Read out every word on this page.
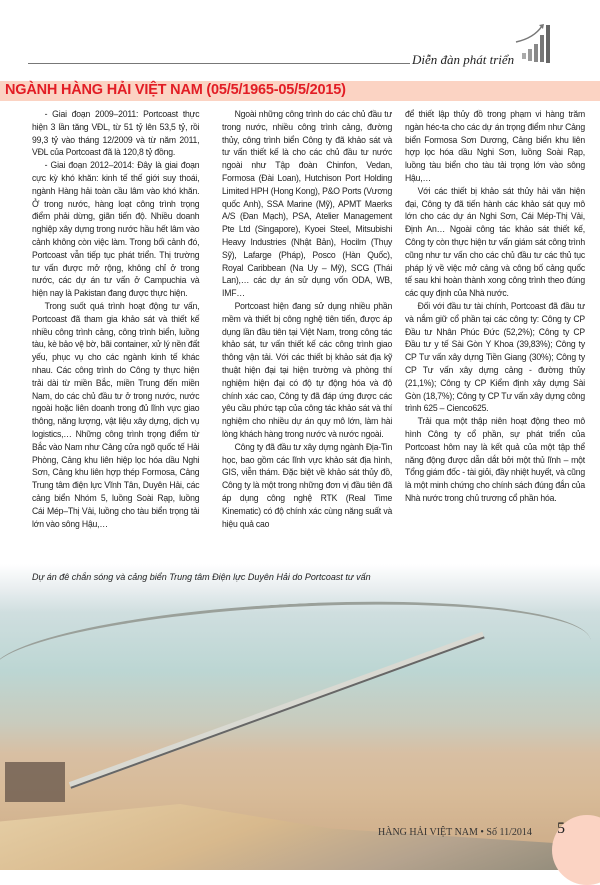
Diễn đàn phát triển
NGÀNH HÀNG HẢI VIỆT NAM (05/5/1965-05/5/2015)

- Giai đoạn 2009–2011: Portcoast thực hiện 3 lần tăng VĐL, từ 51 tỷ lên 53,5 tỷ, rồi 99,3 tỷ vào tháng 12/2009 và từ năm 2011, VĐL của Portcoast đã là 120,8 tỷ đồng.

- Giai đoạn 2012–2014: Đây là giai đoạn cực kỳ khó khăn: kinh tế thế giới suy thoái, ngành Hàng hải toàn cầu lâm vào khó khăn. Ở trong nước, hàng loạt công trình trọng điểm phải dừng, giãn tiến độ. Nhiều doanh nghiệp xây dựng trong nước hầu hết lâm vào cảnh không còn việc làm. Trong bối cảnh đó, Portcoast vẫn tiếp tục phát triển. Thị trường tư vấn được mở rộng, không chỉ ở trong nước, các dự án tư vấn ở Campuchia và hiện nay là Pakistan đang được thực hiện.

Trong suốt quá trình hoạt động tư vấn, Portcoast đã tham gia khảo sát và thiết kế nhiều công trình cảng, công trình biển, luồng tàu, kè bảo vệ bờ, bãi container, xử lý nền đất yếu, phục vụ cho các ngành kinh tế khác nhau. Các công trình do Công ty thực hiện trải dài từ miền Bắc, miền Trung đến miền Nam, do các chủ đầu tư ở trong nước, nước ngoài hoặc liên doanh trong đủ lĩnh vực giao thông, năng lượng, vật liệu xây dựng, dịch vụ logistics,… Những công trình trọng điểm từ Bắc vào Nam như Cảng cửa ngõ quốc tế Hải Phòng, Cảng khu liên hiệp lọc hóa dầu Nghi Sơn, Cảng khu liên hợp thép Formosa, Cảng Trung tâm điện lực Vĩnh Tân, Duyên Hải, các cảng biển Nhóm 5, luồng Soài Rạp, luồng Cái Mép–Thị Vải, luồng cho tàu biển trọng tải lớn vào sông Hậu,…

Ngoài những công trình do các chủ đầu tư trong nước, nhiều công trình cảng, đường thủy, công trình biển Công ty đã khảo sát và tư vấn thiết kế là cho các chủ đầu tư nước ngoài như Tập đoàn Chinfon, Vedan, Formosa (Đài Loan), Hutchison Port Holding Limited HPH (Hong Kong), P&O Ports (Vương quốc Anh), SSA Marine (Mỹ), APMT Maerks A/S (Đan Mạch), PSA, Atelier Management Pte Ltd (Singapore), Kyoei Steel, Mitsubishi Heavy Industries (Nhật Bản), Hocilm (Thụy Sỹ), Lafarge (Pháp), Posco (Hàn Quốc), Royal Caribbean (Na Uy – Mỹ), SCG (Thái Lan),… các dự án sử dụng vốn ODA, WB, IMF…

Portcoast hiện đang sử dụng nhiều phần mềm và thiết bị công nghệ tiên tiến, được áp dụng lần đầu tiên tại Việt Nam, trong công tác khảo sát, tư vấn thiết kế các công trình giao thông vận tải. Với các thiết bị khảo sát địa kỹ thuật hiện đại tại hiện trường và phòng thí nghiệm hiện đại có độ tự động hóa và độ chính xác cao, Công ty đã đáp ứng được các yêu cầu phức tạp của công tác khảo sát và thí nghiệm cho nhiều dự án quy mô lớn, làm hài lòng khách hàng trong nước và nước ngoài.

Công ty đã đầu tư xây dựng ngành Địa-Tin học, bao gồm các lĩnh vực khảo sát địa hình, GIS, viễn thám. Đặc biệt về khảo sát thủy đồ, Công ty là một trong những đơn vị đầu tiên đã áp dụng công nghệ RTK (Real Time Kinematic) có độ chính xác cùng năng suất và hiệu quả cao

để thiết lập thủy đồ trong phạm vi hàng trăm ngàn héc-ta cho các dự án trọng điểm như Cảng biển Formosa Sơn Dương, Cảng biển khu liên hợp lọc hóa dầu Nghi Sơn, luồng Soài Rạp, luồng tàu biển cho tàu tải trọng lớn vào sông Hậu,…

Với các thiết bị khảo sát thủy hải văn hiện đại, Công ty đã tiến hành các khảo sát quy mô lớn cho các dự án Nghi Sơn, Cái Mép-Thị Vải, Định An… Ngoài công tác khảo sát thiết kế, Công ty còn thực hiện tư vấn giám sát công trình cũng như tư vấn cho các chủ đầu tư các thủ tục pháp lý về việc mở cảng và công bố cảng quốc tế sau khi hoàn thành xong công trình theo đúng các quy định của Nhà nước.

Đối với đầu tư tài chính, Portcoast đã đầu tư và nắm giữ cổ phần tại các công ty: Công ty CP Đầu tư Nhân Phúc Đức (52,2%); Công ty CP Đầu tư y tế Sài Gòn Y Khoa (39,83%); Công ty CP Tư vấn xây dựng Tiền Giang (30%); Công ty CP Tư vấn xây dựng cảng - đường thủy (21,1%); Công ty CP Kiểm định xây dựng Sài Gòn (18,7%); Công ty CP Tư vấn xây dựng công trình 625 – Cienco625.

Trải qua một thập niên hoạt động theo mô hình Công ty cổ phần, sự phát triển của Portcoast hôm nay là kết quả của một tập thể năng động được dẫn dắt bởi một thủ lĩnh – một Tổng giám đốc - tài giỏi, đầy nhiệt huyết, và cũng là một minh chứng cho chính sách đúng đắn của Nhà nước trong chủ trương cổ phần hóa.

Dự án đê chắn sóng và cảng biển Trung tâm Điện lực Duyên Hải do Portcoast tư vấn
HÀNG HẢI VIỆT NAM • Số 11/2014 5
